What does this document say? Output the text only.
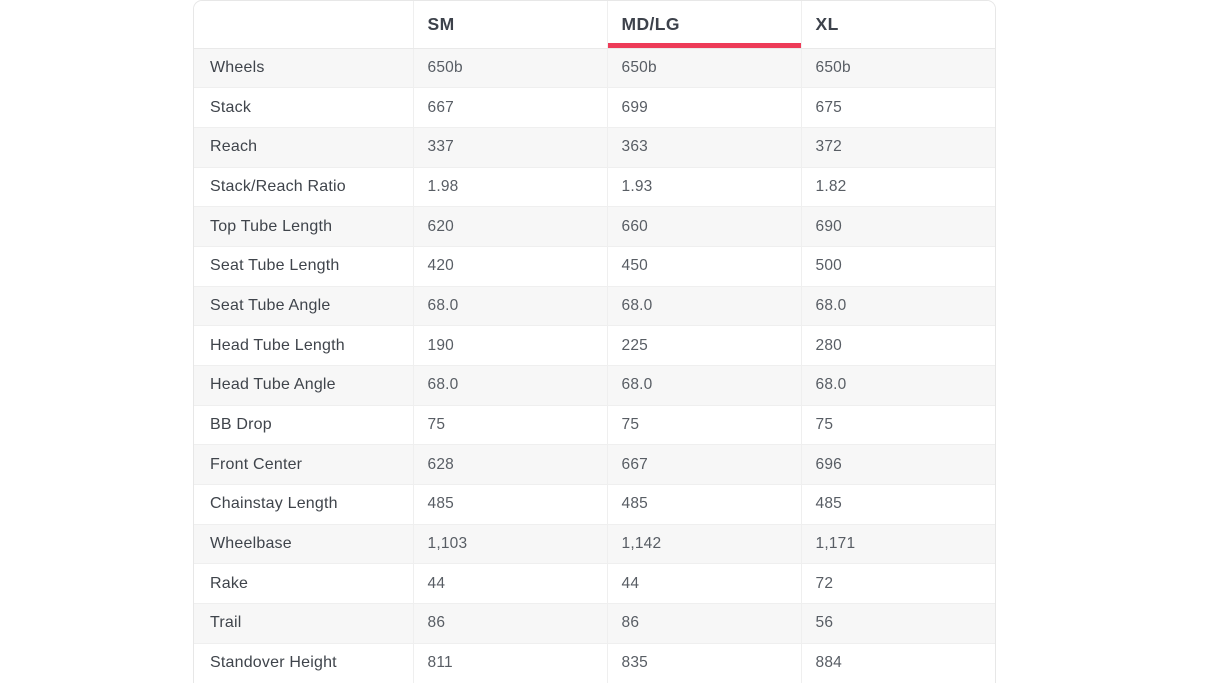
	SM	MD/LG	XL
Wheels	650b	650b	650b
Stack	667	699	675
Reach	337	363	372
Stack/Reach Ratio	1.98	1.93	1.82
Top Tube Length	620	660	690
Seat Tube Length	420	450	500
Seat Tube Angle	68.0	68.0	68.0
Head Tube Length	190	225	280
Head Tube Angle	68.0	68.0	68.0
BB Drop	75	75	75
Front Center	628	667	696
Chainstay Length	485	485	485
Wheelbase	1,103	1,142	1,171
Rake	44	44	72
Trail	86	86	56
Standover Height	811	835	884
